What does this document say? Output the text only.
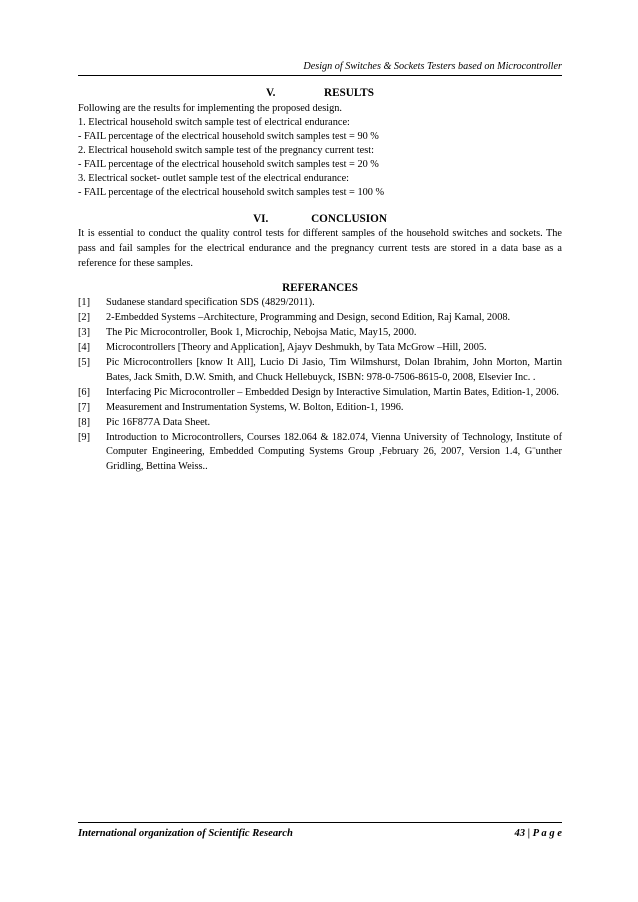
Design of Switches & Sockets Testers based on Microcontroller
V.	RESULTS

Following are the results for implementing the proposed design.

1. Electrical household switch sample test of electrical endurance:

- FAIL percentage of the electrical household switch samples test = 90 %

2. Electrical household switch sample test of the pregnancy current test:

- FAIL percentage of the electrical household switch samples test = 20 %

3. Electrical socket- outlet sample test of the electrical endurance:

- FAIL percentage of the electrical household switch samples test = 100 %

VI.	CONCLUSION

It is essential to conduct the quality control tests for different samples of the household switches and sockets. The pass and fail samples for the electrical endurance and the pregnancy current tests are stored in a data base as a reference for these samples.

REFERANCES
[1]	Sudanese standard specification SDS (4829/2011).
[2]	2-Embedded Systems –Architecture, Programming and Design, second Edition, Raj Kamal, 2008.
[3]	The Pic Microcontroller, Book 1, Microchip, Nebojsa Matic, May15, 2000.
[4]	Microcontrollers [Theory and Application], Ajayv Deshmukh, by Tata McGrow –Hill, 2005.
[5]	Pic Microcontrollers [know It All], Lucio Di Jasio, Tim Wilmshurst, Dolan Ibrahim, John Morton, Martin Bates, Jack Smith, D.W. Smith, and Chuck Hellebuyck, ISBN: 978-0-7506-8615-0, 2008, Elsevier Inc. .
[6]	Interfacing Pic Microcontroller – Embedded Design by Interactive Simulation, Martin Bates, Edition-1, 2006.
[7]	Measurement and Instrumentation Systems, W. Bolton, Edition-1, 1996.
[8]	Pic 16F877A Data Sheet.
[9]	Introduction to Microcontrollers, Courses 182.064 & 182.074, Vienna University of Technology, Institute of Computer Engineering, Embedded Computing Systems Group ,February 26, 2007, Version 1.4, G¨unther Gridling, Bettina Weiss..
International organization of Scientific Research	43 | P a g e
